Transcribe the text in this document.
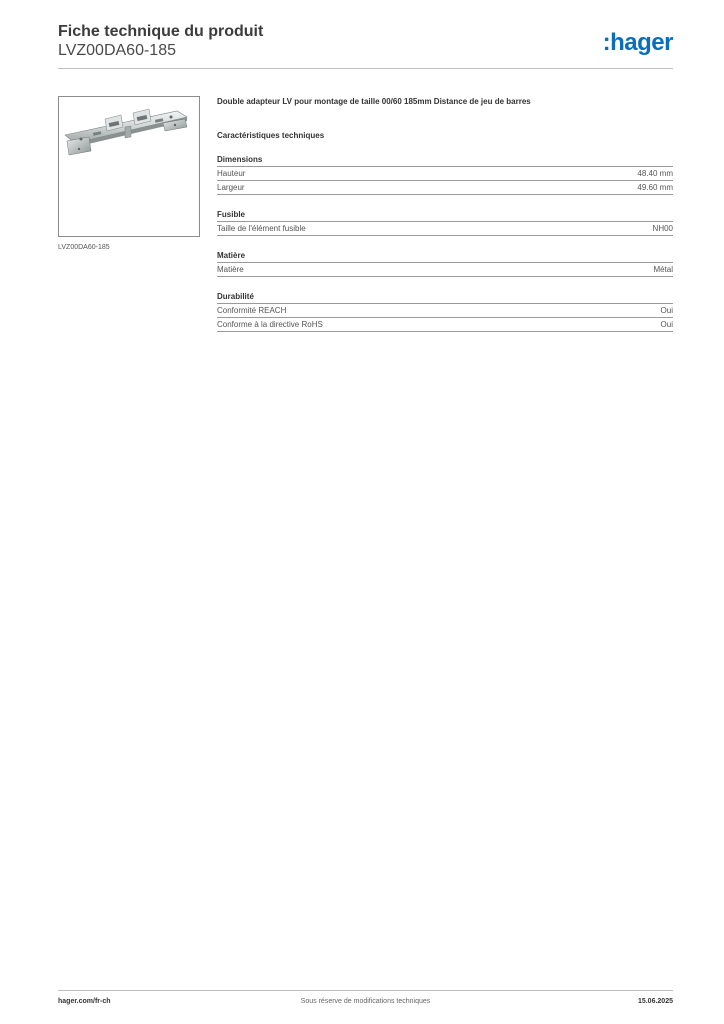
Fiche technique du produit
LVZ00DA60-185	:hager
LVZ00DA60-185
Double adapteur LV pour montage de taille 00/60 185mm Distance de jeu de barres
Caractéristiques techniques
Dimensions
Hauteur	48.40 mm
Largeur	49.60 mm
Fusible
Taille de l'élément fusible	NH00
Matière
Matière	Métal
Durabilité
Conformité REACH	Oui
Conforme à la directive RoHS	Oui
hager.com/fr-ch	Sous réserve de modifications techniques	15.06.2025
